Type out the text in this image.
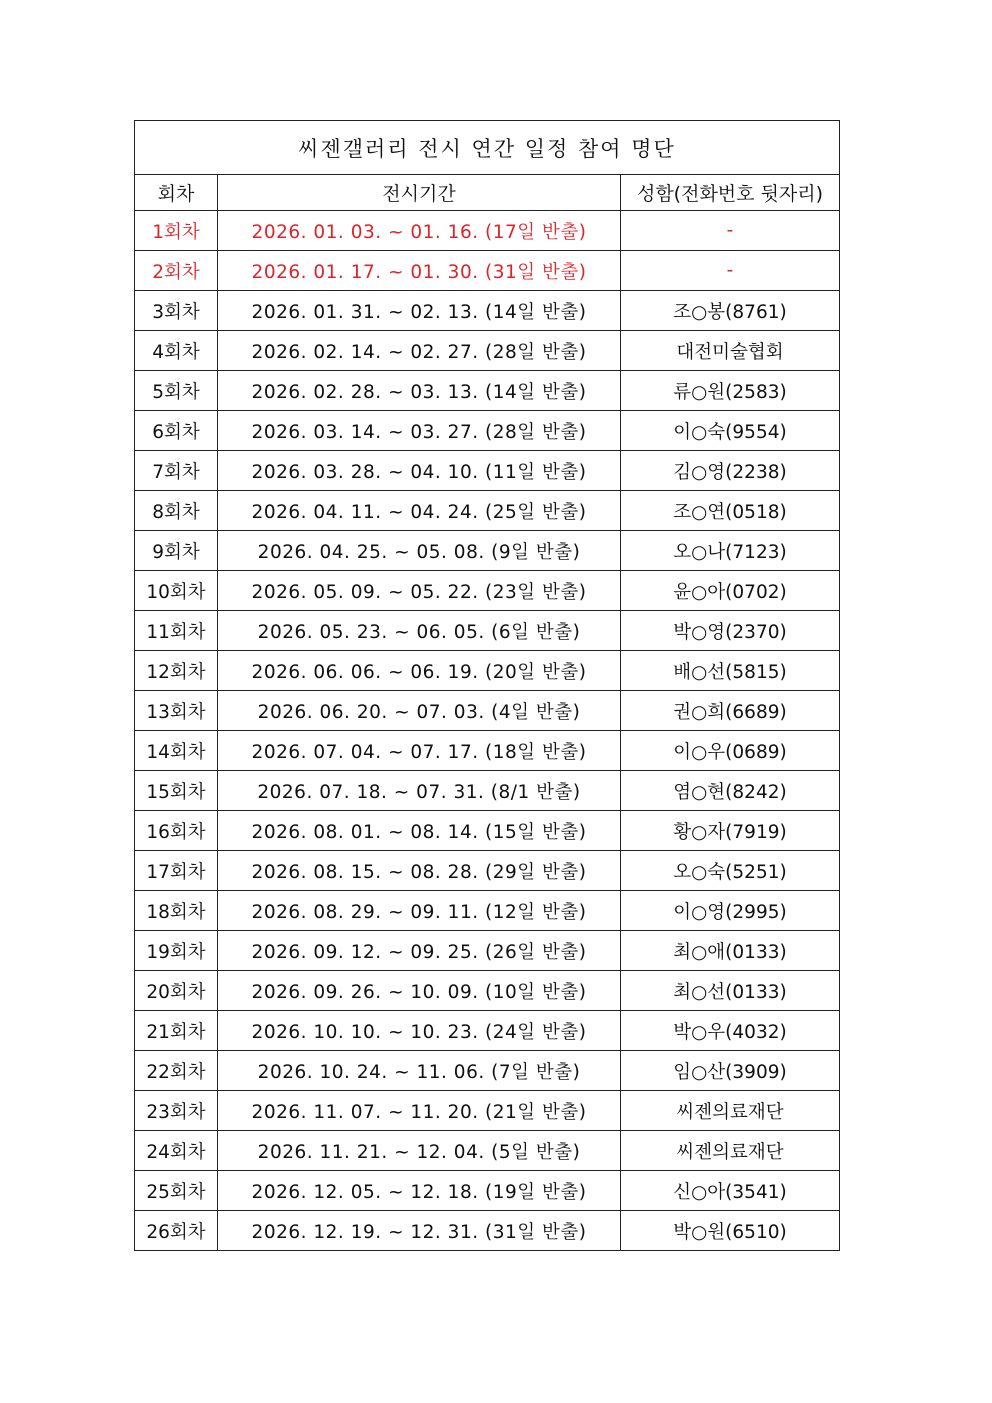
씨젠갤러리 전시 연간 일정 참여 명단		
회차	전시기간	성함(전화번호 뒷자리)
1회차	2026. 01. 03. ~ 01. 16. (17일 반출)	-
2회차	2026. 01. 17. ~ 01. 30. (31일 반출)	-
3회차	2026. 01. 31. ~ 02. 13. (14일 반출)	조○봉(8761)
4회차	2026. 02. 14. ~ 02. 27. (28일 반출)	대전미술협회
5회차	2026. 02. 28. ~ 03. 13. (14일 반출)	류○원(2583)
6회차	2026. 03. 14. ~ 03. 27. (28일 반출)	이○숙(9554)
7회차	2026. 03. 28. ~ 04. 10. (11일 반출)	김○영(2238)
8회차	2026. 04. 11. ~ 04. 24. (25일 반출)	조○연(0518)
9회차	2026. 04. 25. ~ 05. 08. (9일 반출)	오○나(7123)
10회차	2026. 05. 09. ~ 05. 22. (23일 반출)	윤○아(0702)
11회차	2026. 05. 23. ~ 06. 05. (6일 반출)	박○영(2370)
12회차	2026. 06. 06. ~ 06. 19. (20일 반출)	배○선(5815)
13회차	2026. 06. 20. ~ 07. 03. (4일 반출)	권○희(6689)
14회차	2026. 07. 04. ~ 07. 17. (18일 반출)	이○우(0689)
15회차	2026. 07. 18. ~ 07. 31. (8/1 반출)	염○현(8242)
16회차	2026. 08. 01. ~ 08. 14. (15일 반출)	황○자(7919)
17회차	2026. 08. 15. ~ 08. 28. (29일 반출)	오○숙(5251)
18회차	2026. 08. 29. ~ 09. 11. (12일 반출)	이○영(2995)
19회차	2026. 09. 12. ~ 09. 25. (26일 반출)	최○애(0133)
20회차	2026. 09. 26. ~ 10. 09. (10일 반출)	최○선(0133)
21회차	2026. 10. 10. ~ 10. 23. (24일 반출)	박○우(4032)
22회차	2026. 10. 24. ~ 11. 06. (7일 반출)	임○산(3909)
23회차	2026. 11. 07. ~ 11. 20. (21일 반출)	씨젠의료재단
24회차	2026. 11. 21. ~ 12. 04. (5일 반출)	씨젠의료재단
25회차	2026. 12. 05. ~ 12. 18. (19일 반출)	신○아(3541)
26회차	2026. 12. 19. ~ 12. 31. (31일 반출)	박○원(6510)
